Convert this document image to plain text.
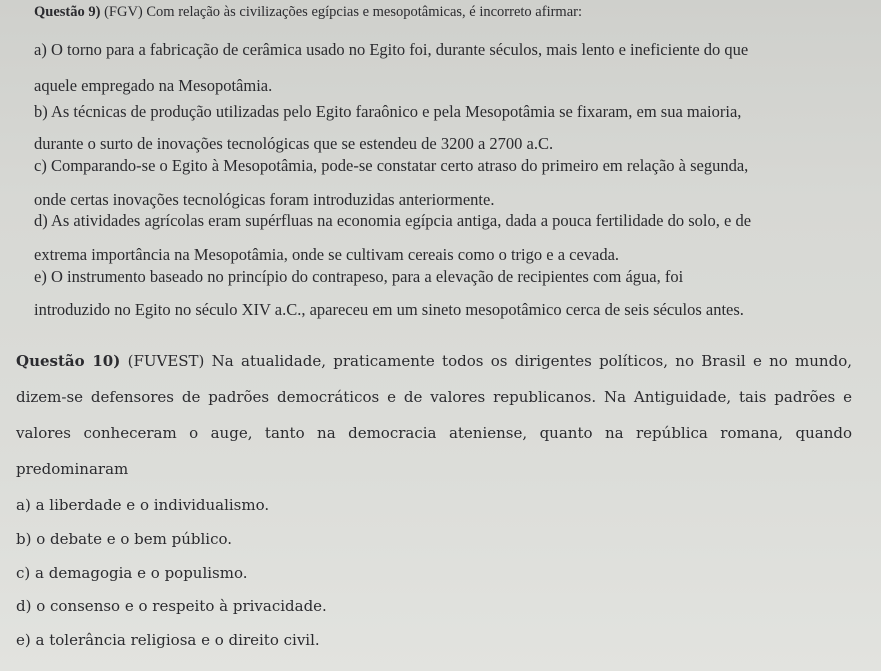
Questão 9) (FGV) Com relação às civilizações egípcias e mesopotâmicas, é incorreto afirmar:
a) O torno para a fabricação de cerâmica usado no Egito foi, durante séculos, mais lento e ineficiente do que
aquele empregado na Mesopotâmia.
b) As técnicas de produção utilizadas pelo Egito faraônico e pela Mesopotâmia se fixaram, em sua maioria,
durante o surto de inovações tecnológicas que se estendeu de 3200 a 2700 a.C.
c) Comparando-se o Egito à Mesopotâmia, pode-se constatar certo atraso do primeiro em relação à segunda,
onde certas inovações tecnológicas foram introduzidas anteriormente.
d) As atividades agrícolas eram supérfluas na economia egípcia antiga, dada a pouca fertilidade do solo, e de
extrema importância na Mesopotâmia, onde se cultivam cereais como o trigo e a cevada.
e) O instrumento baseado no princípio do contrapeso, para a elevação de recipientes com água, foi
introduzido no Egito no século XIV a.C., apareceu em um sineto mesopotâmico cerca de seis séculos antes.
Questão 10) (FUVEST) Na atualidade, praticamente todos os dirigentes políticos, no Brasil e no mundo,
dizem-se defensores de padrões democráticos e de valores republicanos. Na Antiguidade, tais padrões e
valores conheceram o auge, tanto na democracia ateniense, quanto na república romana, quando
predominaram
a) a liberdade e o individualismo.
b) o debate e o bem público.
c) a demagogia e o populismo.
d) o consenso e o respeito à privacidade.
e) a tolerância religiosa e o direito civil.
